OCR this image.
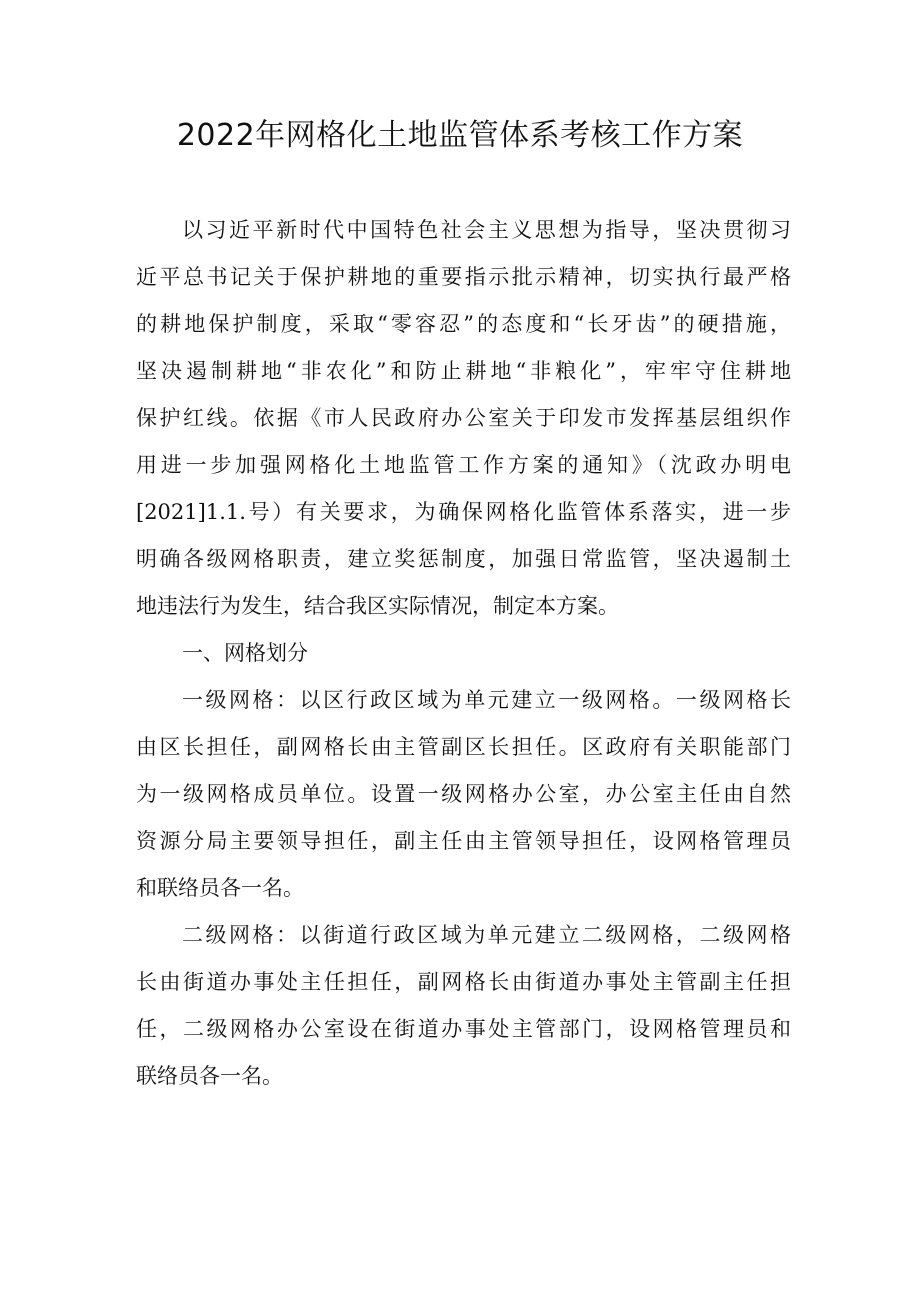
2022年网格化土地监管体系考核工作方案
以习近平新时代中国特色社会主义思想为指导，坚决贯彻习
近平总书记关于保护耕地的重要指示批示精神，切实执行最严格
的耕地保护制度，采取“零容忍”的态度和“长牙齿”的硬措施，
坚决遏制耕地“非农化”和防止耕地“非粮化”，牢牢守住耕地
保护红线。依据《市人民政府办公室关于印发市发挥基层组织作
用进一步加强网格化土地监管工作方案的通知》（沈政办明电
[2021]1.1.号）有关要求，为确保网格化监管体系落实，进一步
明确各级网格职责，建立奖惩制度，加强日常监管，坚决遏制土
地违法行为发生，结合我区实际情况，制定本方案。
一、网格划分
一级网格：以区行政区域为单元建立一级网格。一级网格长
由区长担任，副网格长由主管副区长担任。区政府有关职能部门
为一级网格成员单位。设置一级网格办公室，办公室主任由自然
资源分局主要领导担任，副主任由主管领导担任，设网格管理员
和联络员各一名。
二级网格：以街道行政区域为单元建立二级网格，二级网格
长由街道办事处主任担任，副网格长由街道办事处主管副主任担
任，二级网格办公室设在街道办事处主管部门，设网格管理员和
联络员各一名。
